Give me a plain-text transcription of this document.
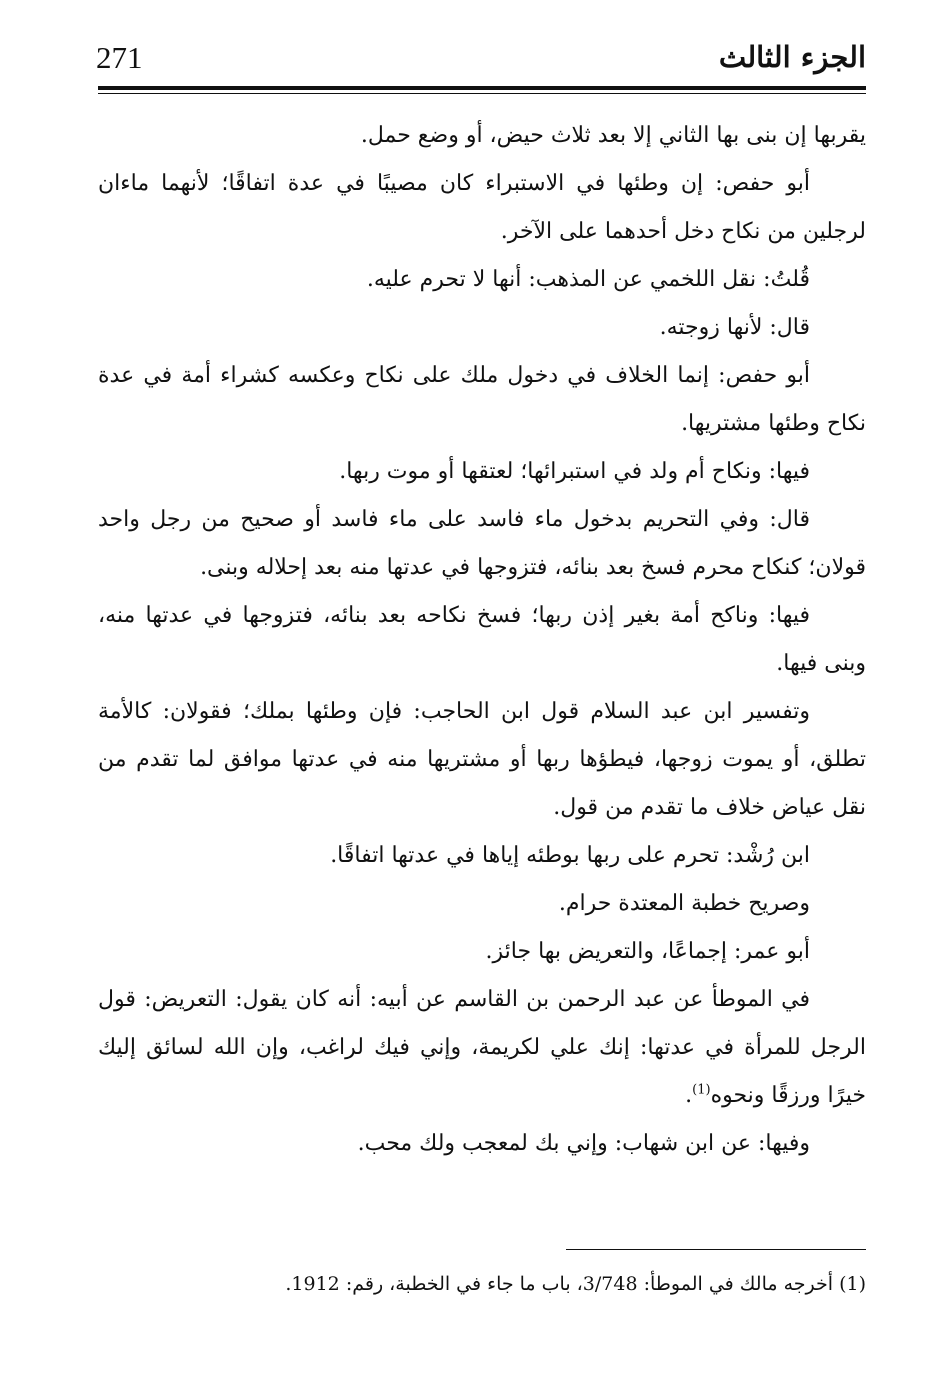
271	الجزء الثالث

يقربها إن بنى بها الثاني إلا بعد ثلاث حيض، أو وضع حمل.

أبو حفص: إن وطئها في الاستبراء كان مصيبًا في عدة اتفاقًا؛ لأنهما ماءان لرجلين من نكاح دخل أحدهما على الآخر.

قُلتُ: نقل اللخمي عن المذهب: أنها لا تحرم عليه.

قال: لأنها زوجته.

أبو حفص: إنما الخلاف في دخول ملك على نكاح وعكسه كشراء أمة في عدة نكاح وطئها مشتريها.

فيها: ونكاح أم ولد في استبرائها؛ لعتقها أو موت ربها.

قال: وفي التحريم بدخول ماء فاسد على ماء فاسد أو صحيح من رجل واحد قولان؛ كنكاح محرم فسخ بعد بنائه، فتزوجها في عدتها منه بعد إحلاله وبنى.

فيها: وناكح أمة بغير إذن ربها؛ فسخ نكاحه بعد بنائه، فتزوجها في عدتها منه، وبنى فيها.

وتفسير ابن عبد السلام قول ابن الحاجب: فإن وطئها بملك؛ فقولان: كالأمة تطلق، أو يموت زوجها، فيطؤها ربها أو مشتريها منه في عدتها موافق لما تقدم من نقل عياض خلاف ما تقدم من قول.

ابن رُشْد: تحرم على ربها بوطئه إياها في عدتها اتفاقًا.

وصريح خطبة المعتدة حرام.

أبو عمر: إجماعًا، والتعريض بها جائز.

في الموطأ عن عبد الرحمن بن القاسم عن أبيه: أنه كان يقول: التعريض: قول الرجل للمرأة في عدتها: إنك علي لكريمة، وإني فيك لراغب، وإن الله لسائق إليك خيرًا ورزقًا ونحوه$^{(1)}$.

وفيها: عن ابن شهاب: وإني بك لمعجب ولك محب.

(1) أخرجه مالك في الموطأ: 3/748، باب ما جاء في الخطبة، رقم: 1912.
